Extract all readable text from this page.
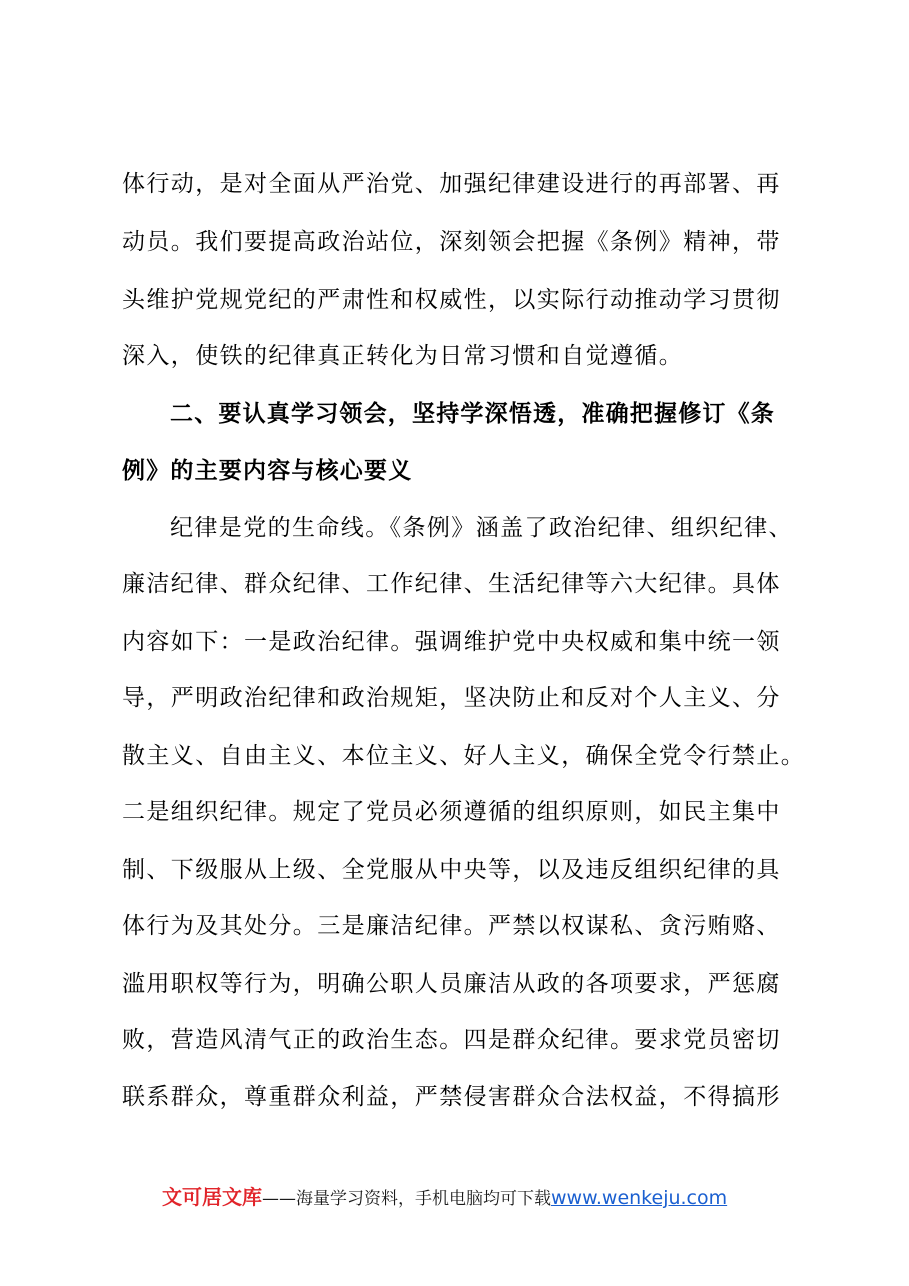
体行动，是对全面从严治党、加强纪律建设进行的再部署、再
动员。我们要提高政治站位，深刻领会把握《条例》精神，带
头维护党规党纪的严肃性和权威性，以实际行动推动学习贯彻
深入，使铁的纪律真正转化为日常习惯和自觉遵循。
二、要认真学习领会，坚持学深悟透，准确把握修订《条
例》的主要内容与核心要义
纪律是党的生命线。《条例》涵盖了政治纪律、组织纪律、
廉洁纪律、群众纪律、工作纪律、生活纪律等六大纪律。具体
内容如下：一是政治纪律。强调维护党中央权威和集中统一领
导，严明政治纪律和政治规矩，坚决防止和反对个人主义、分
散主义、自由主义、本位主义、好人主义，确保全党令行禁止。
二是组织纪律。规定了党员必须遵循的组织原则，如民主集中
制、下级服从上级、全党服从中央等，以及违反组织纪律的具
体行为及其处分。三是廉洁纪律。严禁以权谋私、贪污贿赂、
滥用职权等行为，明确公职人员廉洁从政的各项要求，严惩腐
败，营造风清气正的政治生态。四是群众纪律。要求党员密切
联系群众，尊重群众利益，严禁侵害群众合法权益，不得搞形
文可居文库——海量学习资料，手机电脑均可下载www.wenkeju.com
